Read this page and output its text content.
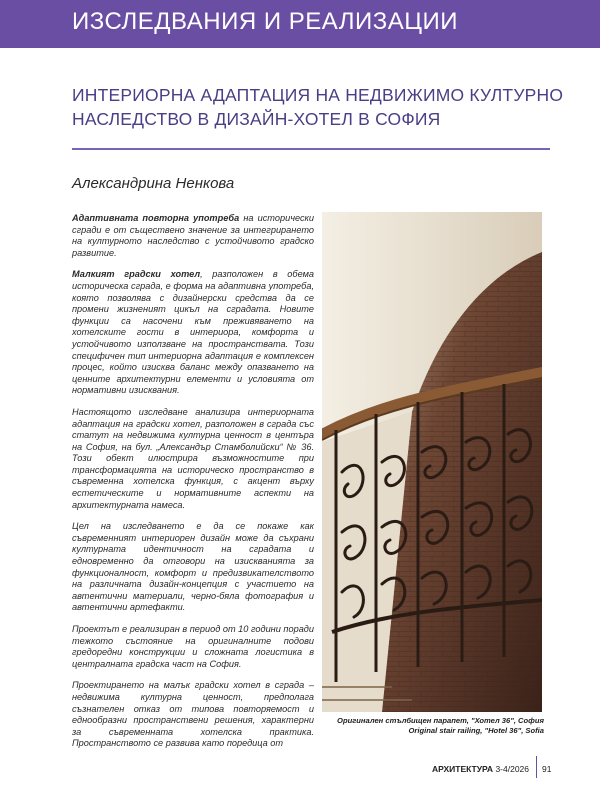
ИЗСЛЕДВАНИЯ И РЕАЛИЗАЦИИ
ИНТЕРИОРНА АДАПТАЦИЯ НА НЕДВИЖИМО КУЛТУРНО
НАСЛЕДСТВО В ДИЗАЙН-ХОТЕЛ В СОФИЯ
Александрина Ненкова

Адаптивната повторна употреба на исторически сгради е от съществено значение за интегрирането на културното наследство с устойчивото градско развитие.

Малкият градски хотел, разположен в обема историческа сграда, е форма на адаптивна употреба, която позволява с дизайнерски средства да се промени жизненият цикъл на сградата. Новите функции са насочени към преживяването на хотелските гости в интериора, комфорта и устойчивото използване на пространствата. Този специфичен тип интериорна адаптация е комплексен процес, който изисква баланс между опазването на ценните архитектурни елементи и условията от нормативни изисквания.

Настоящото изследване анализира интериорната адаптация на градски хотел, разположен в сграда със статут на недвижима културна ценност в центъра на София, на бул. „Александър Стамболийски“ № 36. Този обект илюстрира възможностите при трансформацията на историческо пространство в съвременна хотелска функция, с акцент върху естетическите и нормативните аспекти на архитектурната намеса.

Цел на изследването е да се покаже как съвременният интериорен дизайн може да съхрани културната идентичност на сградата и едновременно да отговори на изискванията за функционалност, комфорт и предизвикателството на различната дизайн-концепция с участието на автентични материали, черно-бяла фотография и автентични артефакти.

Проектът е реализиран в период от 10 години поради тежкото състояние на оригиналните подови гредоредни конструкции и сложната логистика в централната градска част на София.

Проектирането на малък градски хотел в сграда – недвижима културна ценност, предполага съзнателен отказ от типова повторяемост и еднообразни пространствени решения, характерни за съвременната хотелска практика. Пространството се развива като поредица от

Оригинален стълбищен парапет, "Хотел 36", София
Original stair railing, "Hotel 36", Sofia
АРХИТЕКТУРА 3-4/2026 91
